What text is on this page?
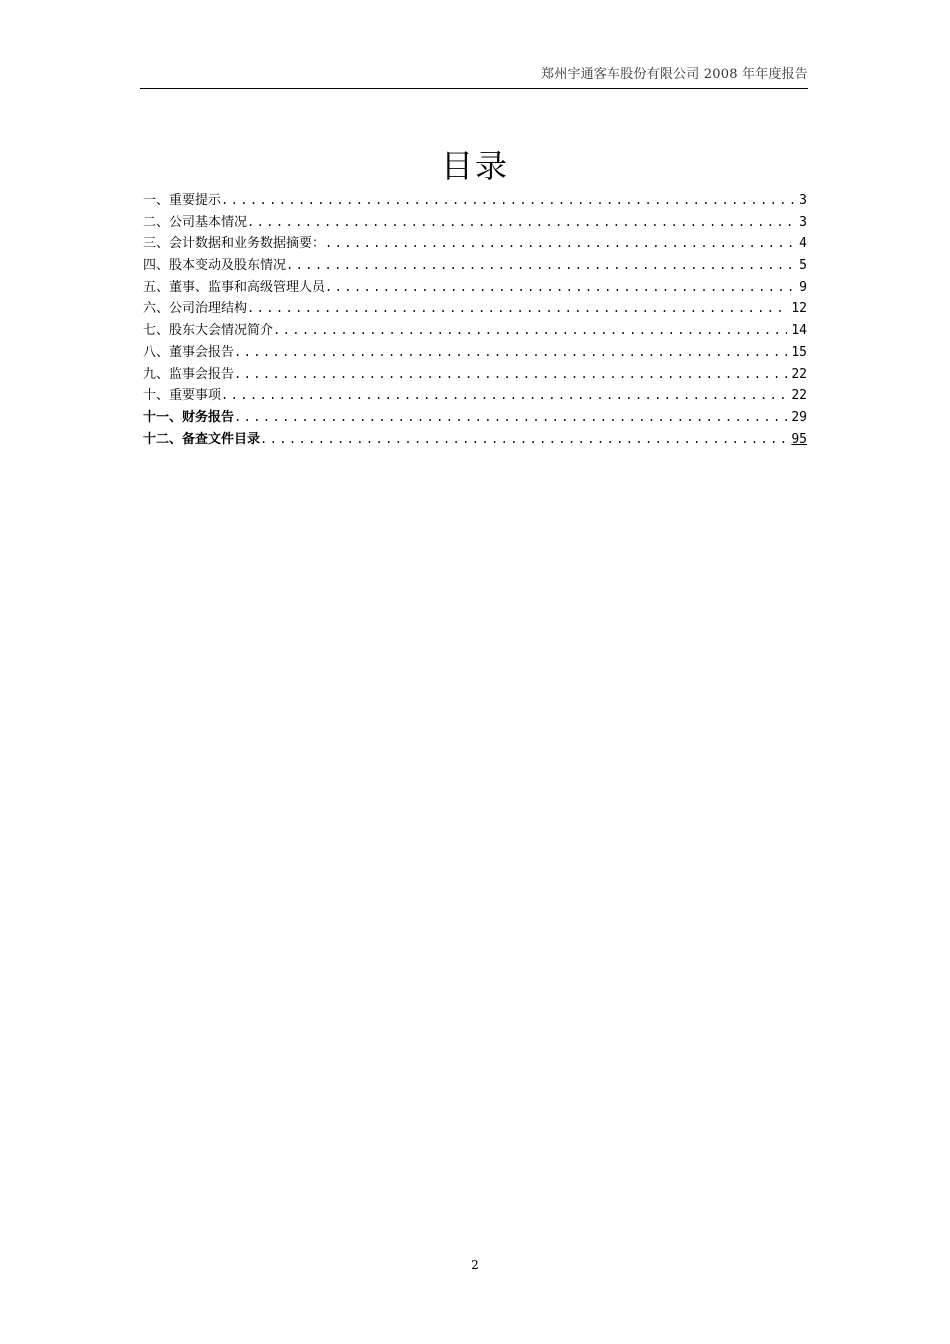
郑州宇通客车股份有限公司 2008 年年度报告
目录
一、重要提示 .....	3
二、公司基本情况 .....	3
三、会计数据和业务数据摘要： .....	4
四、股本变动及股东情况 .....	5
五、董事、监事和高级管理人员 .....	9
六、公司治理结构 .....	12
七、股东大会情况简介 .....	14
八、董事会报告 .....	15
九、监事会报告 .....	22
十、重要事项 .....	22
十一、财务报告 .....	29
十二、备查文件目录 .....	95
2
